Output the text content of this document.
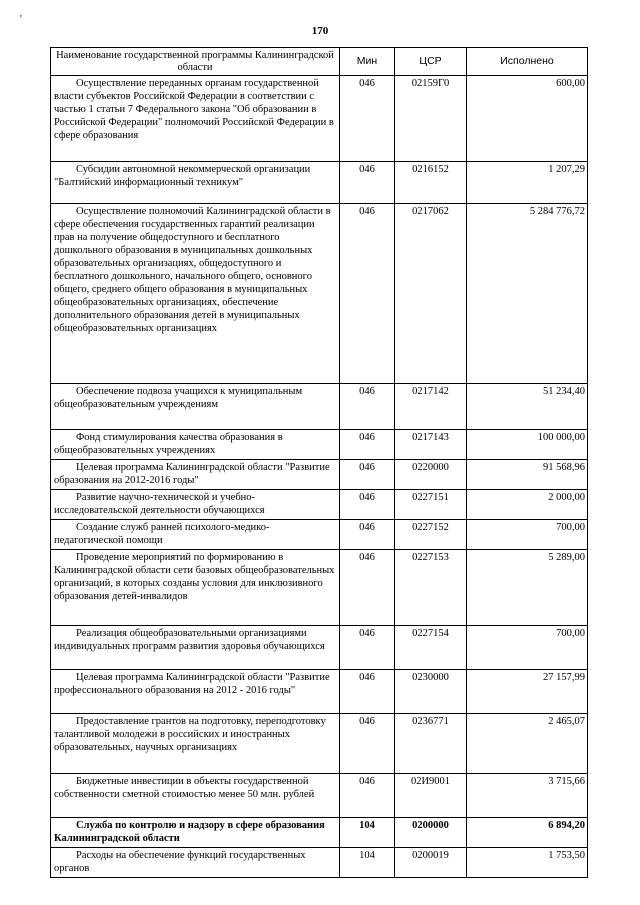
'
170
Наименование государственной программы Калининградской области	Мин	ЦСР	Исполнено
Осуществление переданных органам государственной власти субъектов Российской Федерации в соответствии с частью 1 статьи 7 Федерального закона "Об образовании в Российской Федерации" полномочий Российской Федерации в сфере образования	046	02159Г0	600,00
Субсидии автономной некоммерческой организации "Балтийский информационный техникум"	046	0216152	1 207,29
Осуществление полномочий Калининградской области в сфере обеспечения государственных гарантий реализации прав на получение общедоступного и бесплатного дошкольного образования в муниципальных дошкольных образовательных организациях, общедоступного и бесплатного дошкольного, начального общего, основного общего, среднего общего образования в муниципальных общеобразовательных организациях, обеспечение дополнительного образования детей в муниципальных общеобразовательных организациях	046	0217062	5 284 776,72
Обеспечение подвоза учащихся к муниципальным общеобразовательным учреждениям	046	0217142	51 234,40
Фонд стимулирования качества образования в общеобразовательных учреждениях	046	0217143	100 000,00
Целевая программа Калининградской области "Развитие образования на 2012-2016 годы"	046	0220000	91 568,96
Развитие научно-технической и учебно-исследовательской деятельности обучающихся	046	0227151	2 000,00
Создание служб ранней психолого-медико-педагогической помощи	046	0227152	700,00
Проведение мероприятий по формированию в Калининградской области сети базовых общеобразовательных организаций, в которых созданы условия для инклюзивного образования детей-инвалидов	046	0227153	5 289,00
Реализация общеобразовательными организациями индивидуальных программ развития здоровья обучающихся	046	0227154	700,00
Целевая программа Калининградской области "Развитие профессионального образования на 2012 - 2016 годы"	046	0230000	27 157,99
Предоставление грантов на подготовку, переподготовку талантливой молодежи в российских и иностранных образовательных, научных организациях	046	0236771	2 465,07
Бюджетные инвестиции в объекты государственной собственности сметной стоимостью менее 50 млн. рублей	046	02И9001	3 715,66
Служба по контролю и надзору в сфере образования Калининградской области	104	0200000	6 894,20
Расходы на обеспечение функций государственных органов	104	0200019	1 753,50
